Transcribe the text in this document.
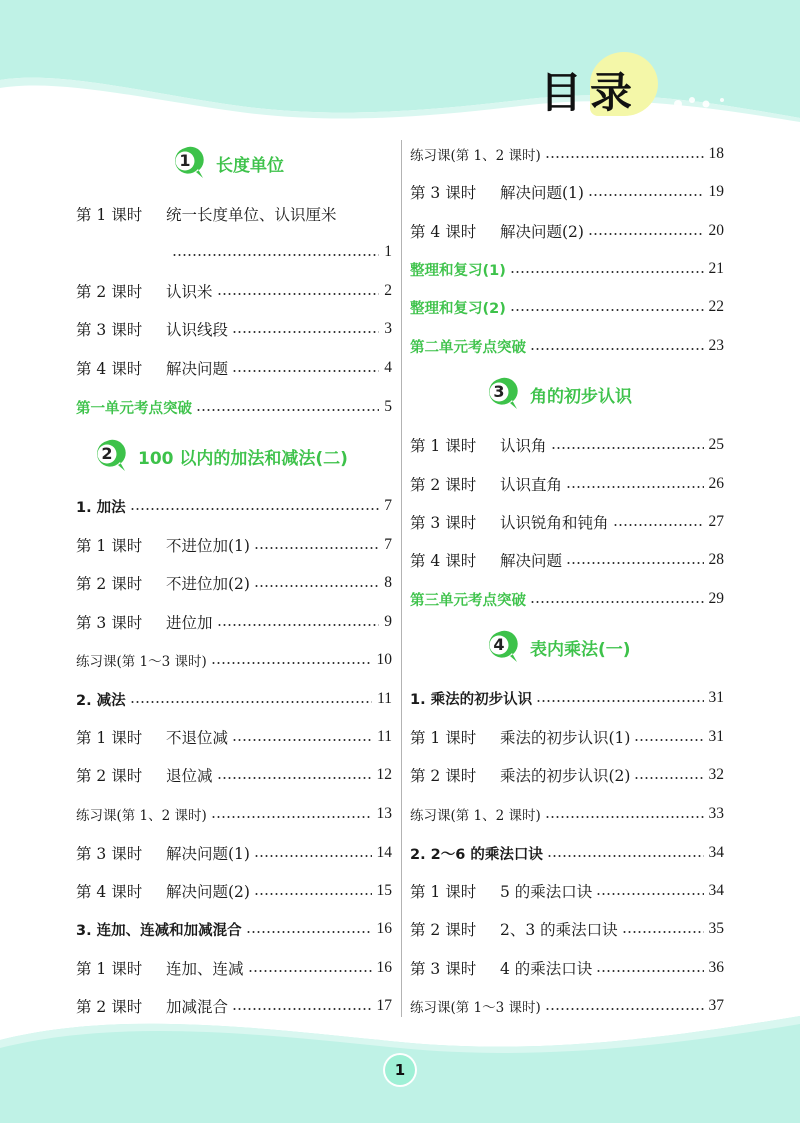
目录
1	长度单位
2	100 以内的加法和减法(二)
3	角的初步认识
4	表内乘法(一)
第 1 课时	统一长度单位、认识厘米
1
第 2 课时	认识米	2
第 3 课时	认识线段	3
第 4 课时	解决问题	4
第一单元考点突破	5
1. 加法	7
第 1 课时	不进位加(1)	7
第 2 课时	不进位加(2)	8
第 3 课时	进位加	9
练习课(第 1～3 课时)	10
2. 减法	11
第 1 课时	不退位减	11
第 2 课时	退位减	12
练习课(第 1、2 课时)	13
第 3 课时	解决问题(1)	14
第 4 课时	解决问题(2)	15
3. 连加、连减和加减混合	16
第 1 课时	连加、连减	16
第 2 课时	加减混合	17
练习课(第 1、2 课时)	18
第 3 课时	解决问题(1)	19
第 4 课时	解决问题(2)	20
整理和复习(1)	21
整理和复习(2)	22
第二单元考点突破	23
第 1 课时	认识角	25
第 2 课时	认识直角	26
第 3 课时	认识锐角和钝角	27
第 4 课时	解决问题	28
第三单元考点突破	29
1. 乘法的初步认识	31
第 1 课时	乘法的初步认识(1)	31
第 2 课时	乘法的初步认识(2)	32
练习课(第 1、2 课时)	33
2. 2～6 的乘法口诀	34
第 1 课时	5 的乘法口诀	34
第 2 课时	2、3 的乘法口诀	35
第 3 课时	4 的乘法口诀	36
练习课(第 1～3 课时)	37
1
